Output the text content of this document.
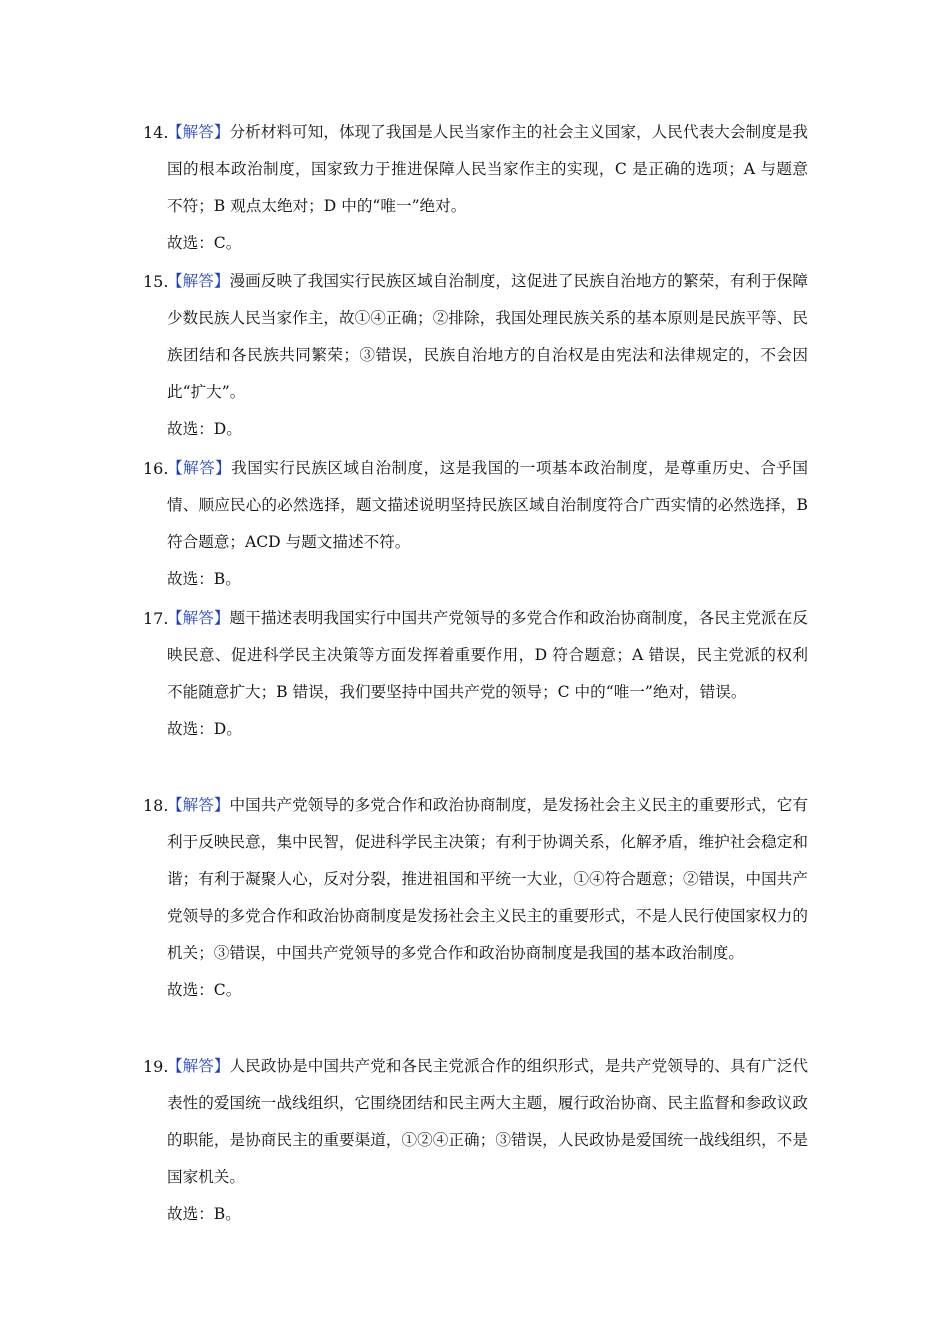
14.
【解答】分析材料可知，体现了我国是人民当家作主的社会主义国家，人民代表大会制度是我国的根本政治制度，国家致力于推进保障人民当家作主的实现，C 是正确的选项；A 与题意不符；B 观点太绝对；D 中的“唯一”绝对。
故选：C。
15.
【解答】漫画反映了我国实行民族区域自治制度，这促进了民族自治地方的繁荣，有利于保障少数民族人民当家作主，故①④正确；②排除，我国处理民族关系的基本原则是民族平等、民族团结和各民族共同繁荣；③错误，民族自治地方的自治权是由宪法和法律规定的，不会因此“扩大”。
故选：D。
16.
【解答】我国实行民族区域自治制度，这是我国的一项基本政治制度，是尊重历史、合乎国情、顺应民心的必然选择，题文描述说明坚持民族区域自治制度符合广西实情的必然选择，B 符合题意；ACD 与题文描述不符。
故选：B。
17.
【解答】题干描述表明我国实行中国共产党领导的多党合作和政治协商制度，各民主党派在反映民意、促进科学民主决策等方面发挥着重要作用，D 符合题意；A 错误，民主党派的权利不能随意扩大；B 错误，我们要坚持中国共产党的领导；C 中的“唯一”绝对，错误。
故选：D。
18.
【解答】中国共产党领导的多党合作和政治协商制度，是发扬社会主义民主的重要形式，它有利于反映民意，集中民智，促进科学民主决策；有利于协调关系，化解矛盾，维护社会稳定和谐；有利于凝聚人心，反对分裂，推进祖国和平统一大业，①④符合题意；②错误，中国共产党领导的多党合作和政治协商制度是发扬社会主义民主的重要形式，不是人民行使国家权力的机关；③错误，中国共产党领导的多党合作和政治协商制度是我国的基本政治制度。
故选：C。
19.
【解答】人民政协是中国共产党和各民主党派合作的组织形式，是共产党领导的、具有广泛代表性的爱国统一战线组织，它围绕团结和民主两大主题，履行政治协商、民主监督和参政议政的职能，是协商民主的重要渠道，①②④正确；③错误，人民政协是爱国统一战线组织，不是国家机关。
故选：B。
